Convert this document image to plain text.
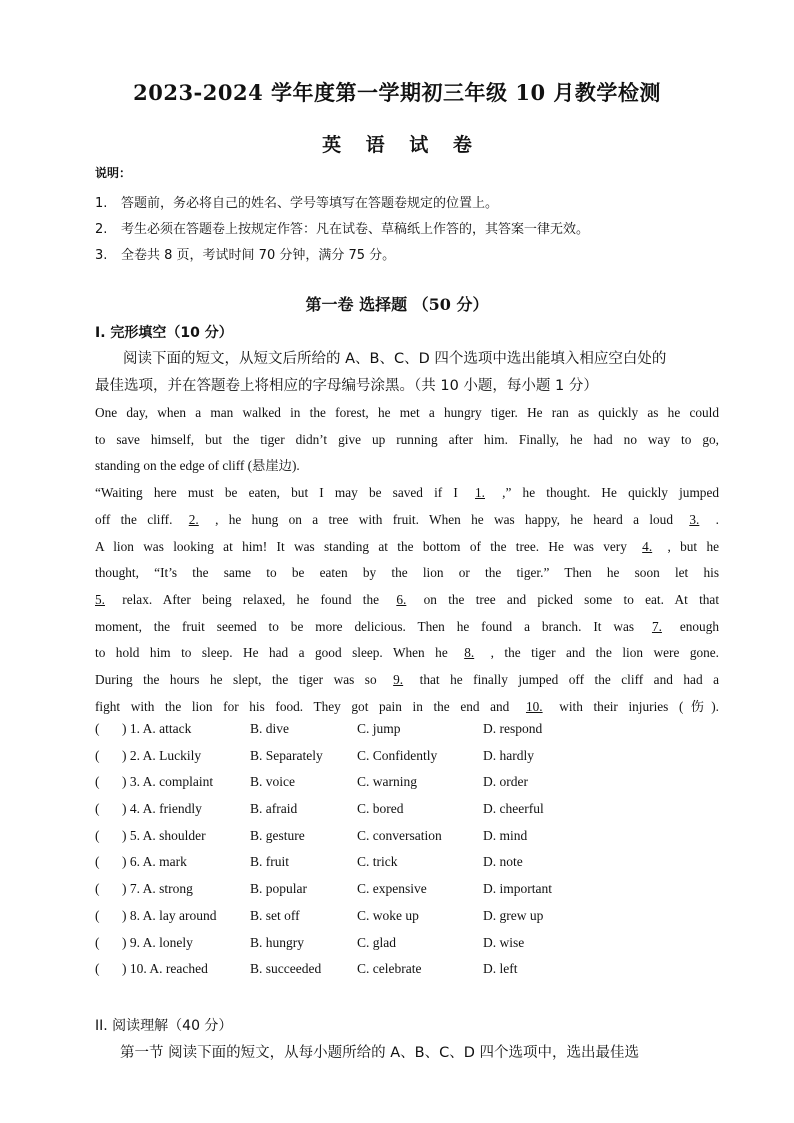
2023-2024 学年度第一学期初三年级 10 月教学检测
英 语 试 卷
说明：
1. 答题前，务必将自己的姓名、学号等填写在答题卷规定的位置上。
2. 考生必须在答题卷上按规定作答：凡在试卷、草稿纸上作答的，其答案一律无效。
3. 全卷共 8 页，考试时间 70 分钟，满分 75 分。
第一卷 选择题 （50 分）
I. 完形填空（10 分）
阅读下面的短文，从短文后所给的 A、B、C、D 四个选项中选出能填入相应空白处的
最佳选项，并在答题卷上将相应的字母编号涂黑。（共 10 小题，每小题 1 分）
One day, when a man walked in the forest, he met a hungry tiger. He ran as quickly as he could
to save himself, but the tiger didn’t give up running after him. Finally, he had no way to go,
standing on the edge of cliff (悬崖边).
“Waiting here must be eaten, but I may be saved if I 1. ,” he thought. He quickly jumped
off the cliff. 2. , he hung on a tree with fruit. When he was happy, he heard a loud 3. .
A lion was looking at him! It was standing at the bottom of the tree. He was very 4. , but he
thought, “It’s the same to be eaten by the lion or the tiger.” Then he soon let his
5. relax. After being relaxed, he found the 6. on the tree and picked some to eat. At that
moment, the fruit seemed to be more delicious. Then he found a branch. It was 7. enough
to hold him to sleep. He had a good sleep. When he 8. , the tiger and the lion were gone.
During the hours he slept, the tiger was so 9. that he finally jumped off the cliff and had a
fight with the lion for his food. They got pain in the end and 10. with their injuries (伤).
( ) 1. A. attack	B. dive	C. jump	D. respond
( ) 2. A. Luckily	B. Separately	C. Confidently	D. hardly
( ) 3. A. complaint	B. voice	C. warning	D. order
( ) 4. A. friendly	B. afraid	C. bored	D. cheerful
( ) 5. A. shoulder	B. gesture	C. conversation	D. mind
( ) 6. A. mark	B. fruit	C. trick	D. note
( ) 7. A. strong	B. popular	C. expensive	D. important
( ) 8. A. lay around B. set off	C. woke up	D. grew up
( ) 9. A. lonely	B. hungry	C. glad	D. wise
( ) 10. A. reached	B. succeeded	C. celebrate	D. left
II. 阅读理解（40 分）
第一节 阅读下面的短文，从每小题所给的 A、B、C、D 四个选项中，选出最佳选
